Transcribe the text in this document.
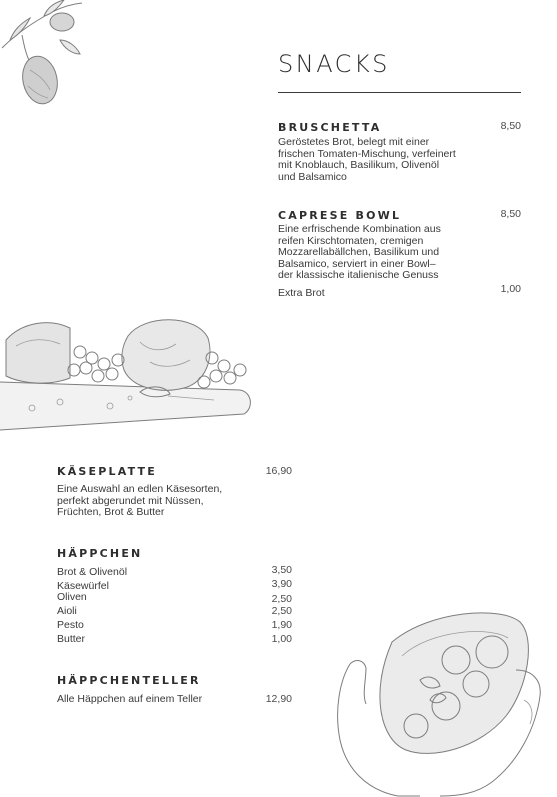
SNACKS
BRUSCHETTA	8,50
Geröstetes Brot, belegt mit einer
frischen Tomaten-Mischung, verfeinert
mit Knoblauch, Basilikum, Olivenöl
und Balsamico
CAPRESE BOWL	8,50
Eine erfrischende Kombination aus
reifen Kirschtomaten, cremigen
Mozzarellabällchen, Basilikum und
Balsamico, serviert in einer Bowl–
der klassische italienische Genuss
Extra Brot	1,00
KÄSEPLATTE	16,90
Eine Auswahl an edlen Käsesorten,
perfekt abgerundet mit Nüssen,
Früchten, Brot & Butter
HÄPPCHEN
Brot & Olivenöl	3,50
Käsewürfel	3,90
Oliven	2,50
Aioli	2,50
Pesto	1,90
Butter	1,00
HÄPPCHENTELLER
Alle Häppchen auf einem Teller	12,90
